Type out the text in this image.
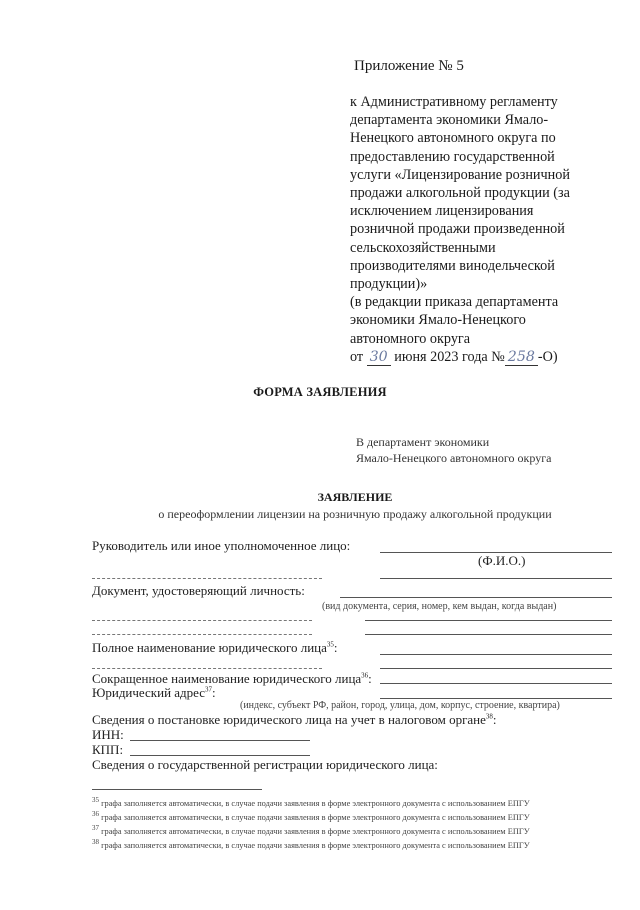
Приложение № 5
к Административному регламенту
департамента экономики Ямало-
Ненецкого автономного округа по
предоставлению государственной
услуги «Лицензирование розничной
продажи алкогольной продукции (за
исключением лицензирования
розничной продажи произведенной
сельскохозяйственными
производителями винодельческой
продукции)»
(в редакции приказа департамента
экономики Ямало-Ненецкого
автономного округа
от 30 июня 2023 года № 258 -О)
ФОРМА ЗАЯВЛЕНИЯ
В департамент экономики
Ямало-Ненецкого автономного округа
ЗАЯВЛЕНИЕ
о переоформлении лицензии на розничную продажу алкогольной продукции
Руководитель или иное уполномоченное лицо:
(Ф.И.О.)
Документ, удостоверяющий личность:
(вид документа, серия, номер, кем выдан, когда выдан)
Полное наименование юридического лица$^{35}$:
Сокращенное наименование юридического лица$^{36}$:
Юридический адрес$^{37}$:
(индекс, субъект РФ, район, город, улица, дом, корпус, строение, квартира)
Сведения о постановке юридического лица на учет в налоговом органе$^{38}$:
ИНН:
КПП:
Сведения о государственной регистрации юридического лица:
$^{35}$ графа заполняется автоматически, в случае подачи заявления в форме электронного документа с использованием ЕПГУ
$^{36}$ графа заполняется автоматически, в случае подачи заявления в форме электронного документа с использованием ЕПГУ
$^{37}$ графа заполняется автоматически, в случае подачи заявления в форме электронного документа с использованием ЕПГУ
$^{38}$ графа заполняется автоматически, в случае подачи заявления в форме электронного документа с использованием ЕПГУ
